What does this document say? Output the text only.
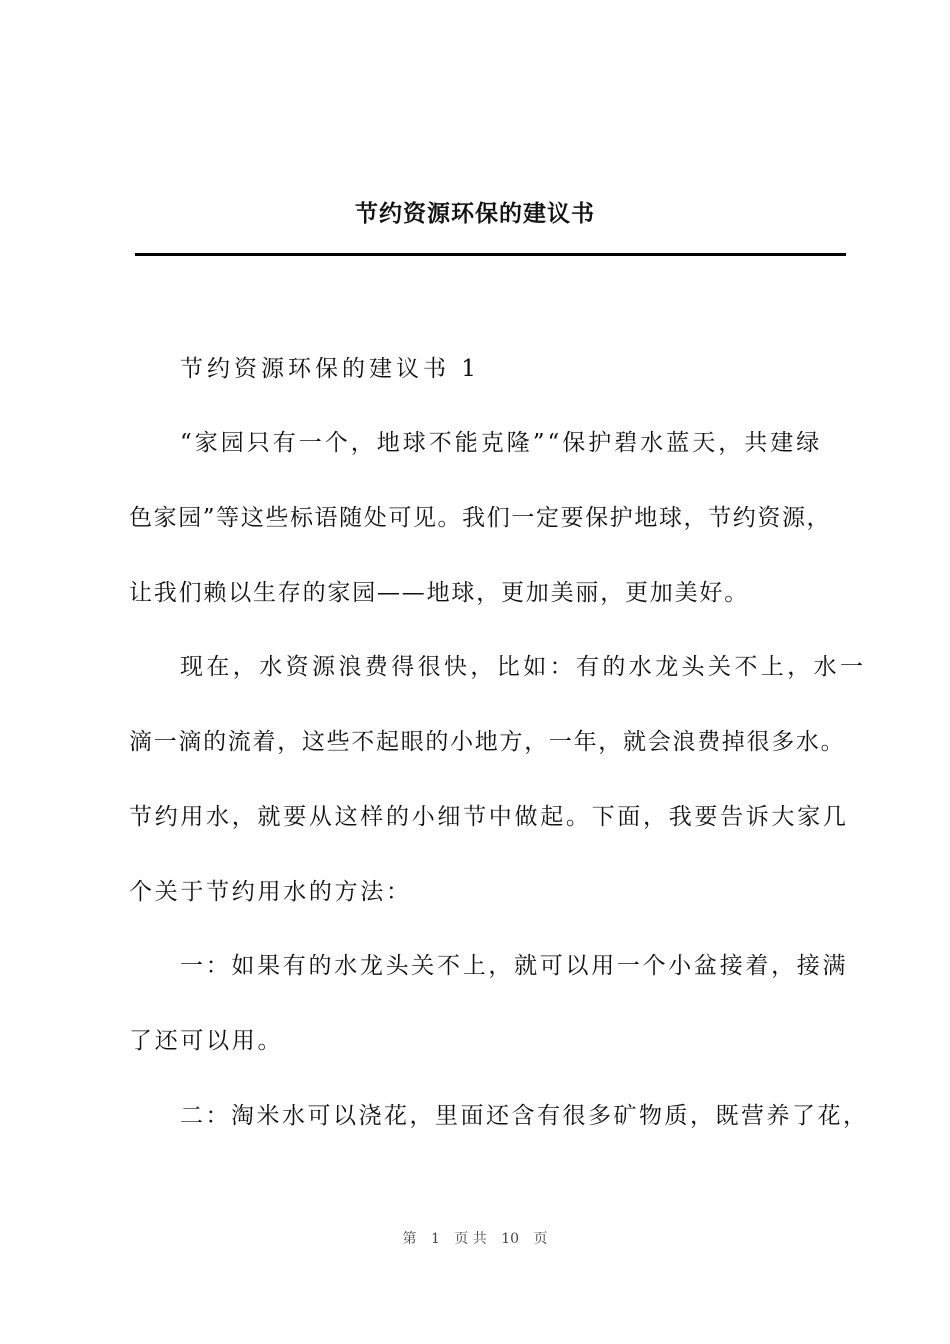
节约资源环保的建议书
节约资源环保的建议书 1
“家园只有一个，地球不能克隆”“保护碧水蓝天，共建绿
色家园”等这些标语随处可见。我们一定要保护地球，节约资源，
让我们赖以生存的家园——地球，更加美丽，更加美好。
现在，水资源浪费得很快，比如：有的水龙头关不上，水一
滴一滴的流着，这些不起眼的小地方，一年，就会浪费掉很多水。
节约用水，就要从这样的小细节中做起。下面，我要告诉大家几
个关于节约用水的方法：
一：如果有的水龙头关不上，就可以用一个小盆接着，接满
了还可以用。
二：淘米水可以浇花，里面还含有很多矿物质，既营养了花，
第 1 页 共 10 页
